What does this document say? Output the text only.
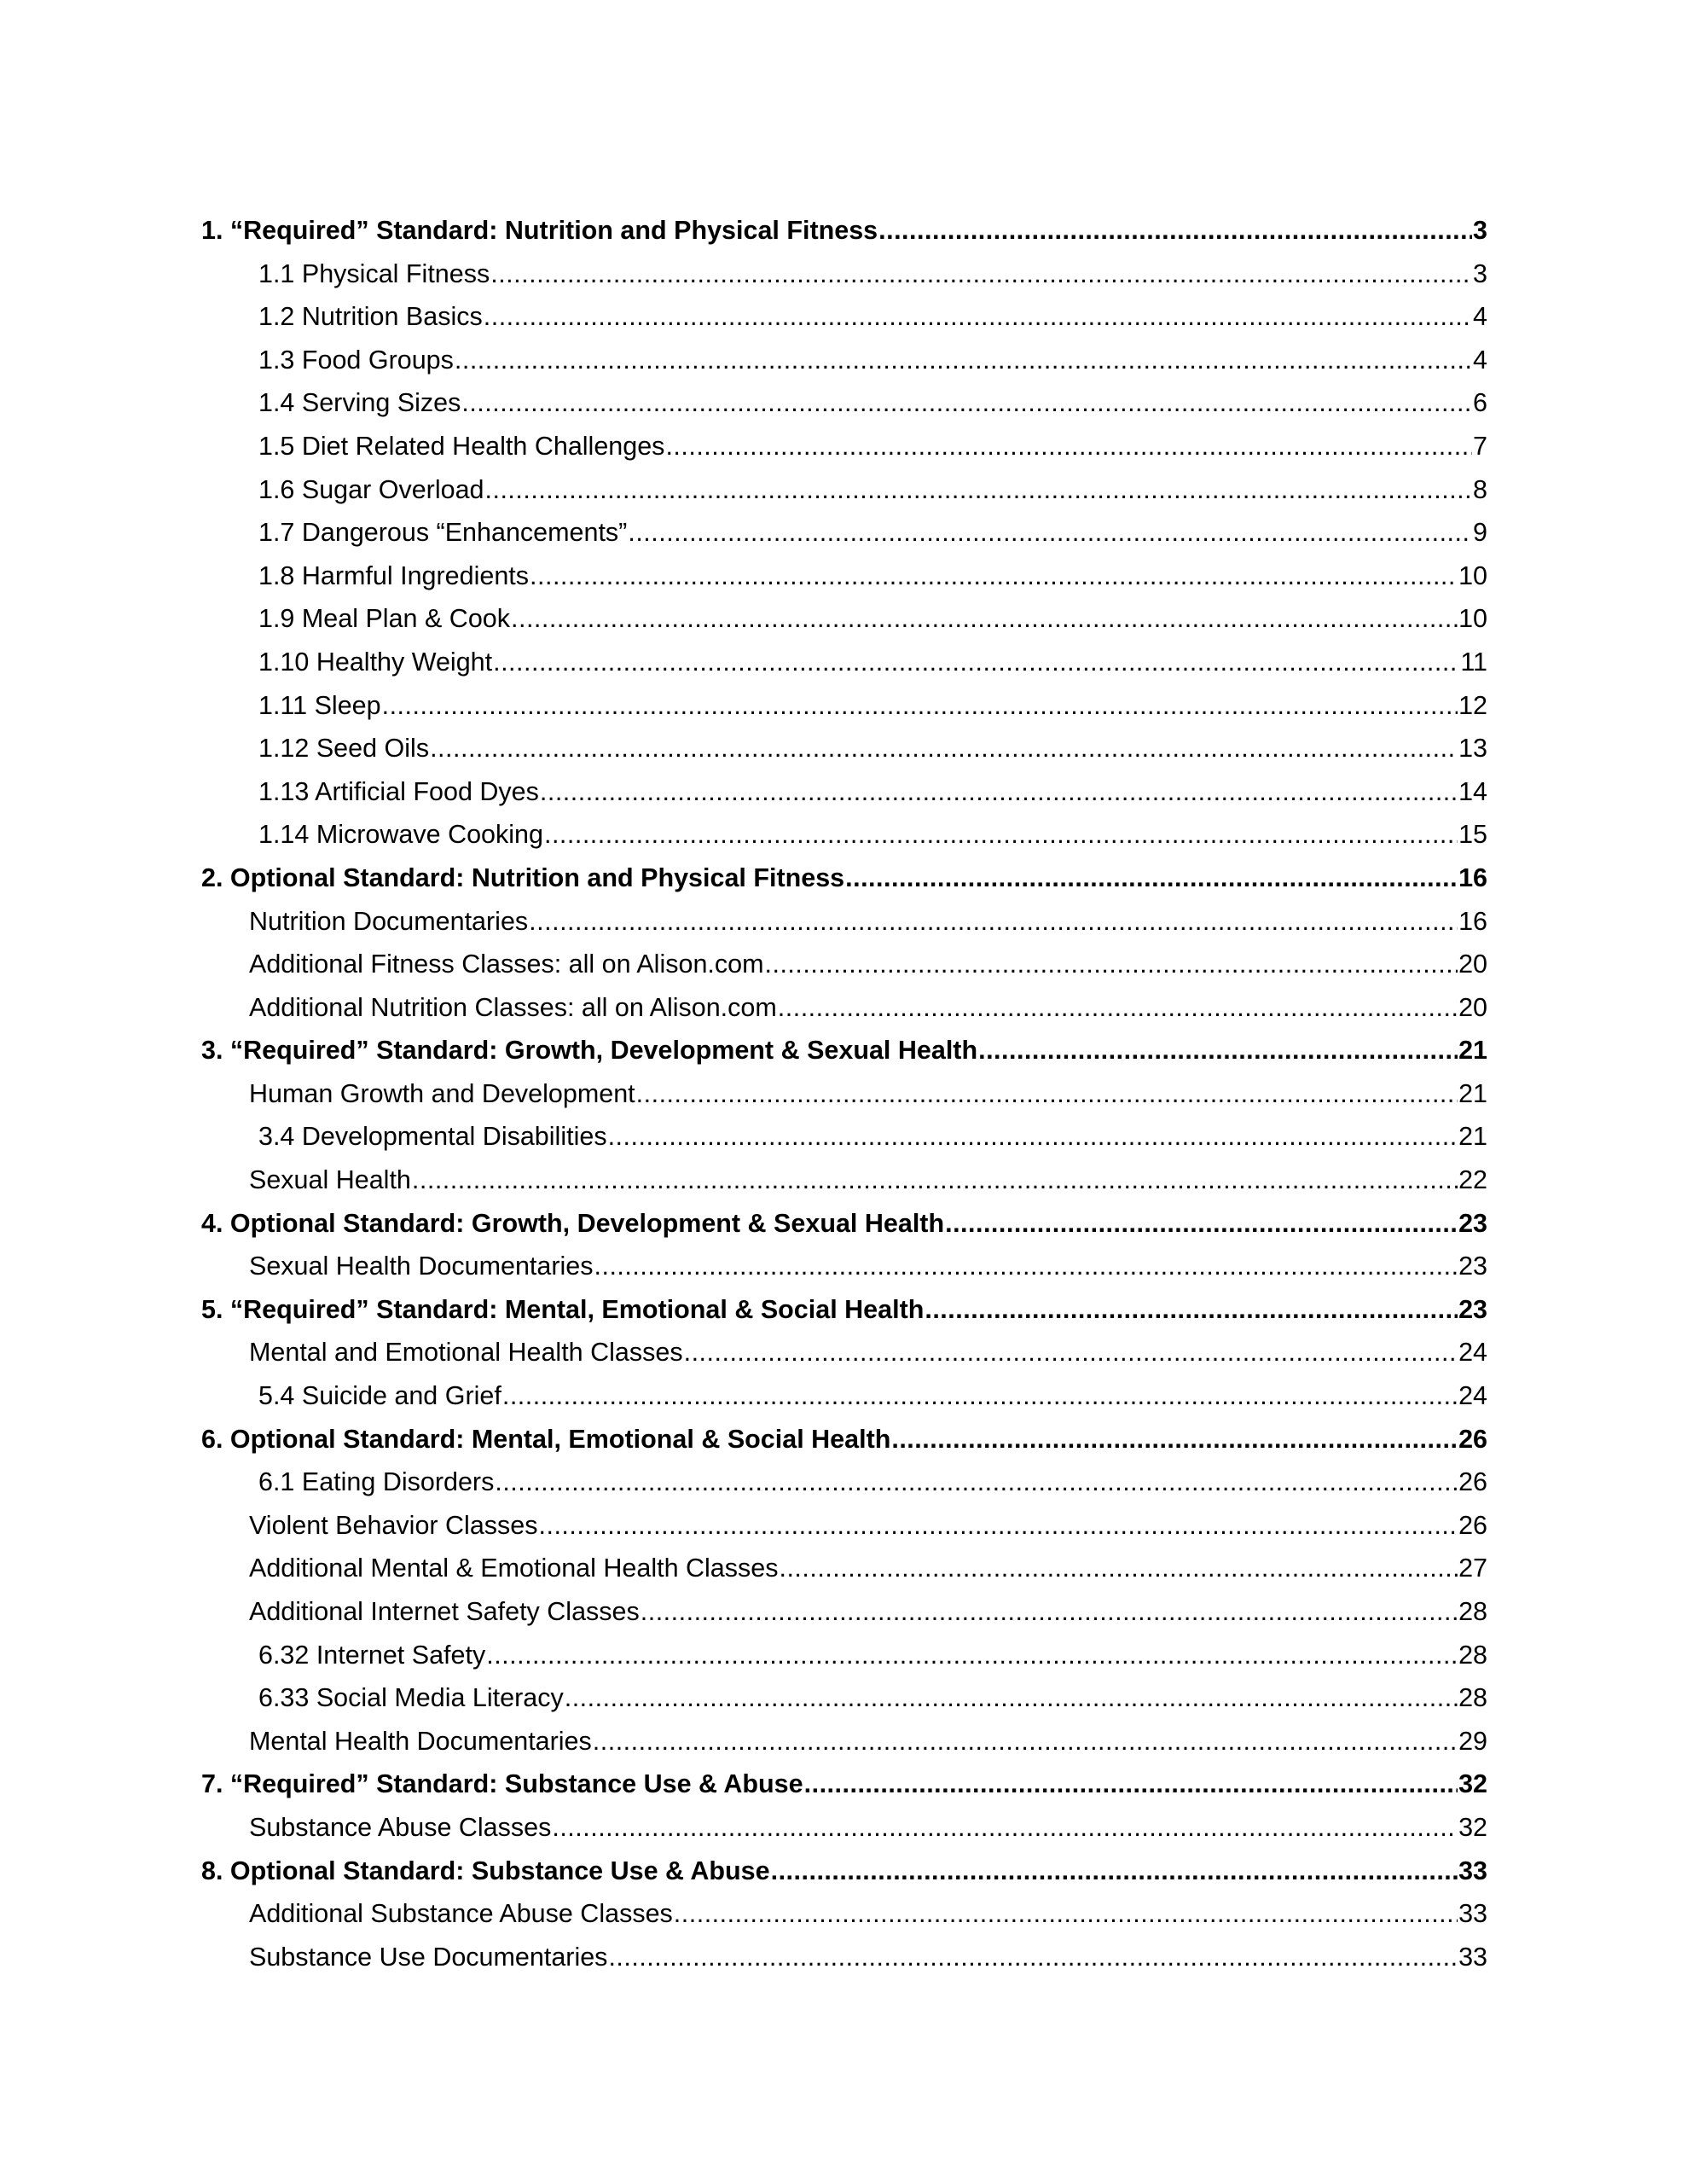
1. “Required” Standard: Nutrition and Physical Fitness .....	3
1.1 Physical Fitness .....	3
1.2 Nutrition Basics .....	4
1.3 Food Groups .....	4
1.4 Serving Sizes .....	6
1.5 Diet Related Health Challenges .....	7
1.6 Sugar Overload .....	8
1.7 Dangerous “Enhancements” .....	9
1.8 Harmful Ingredients .....	10
1.9 Meal Plan & Cook .....	10
1.10 Healthy Weight .....	11
1.11 Sleep .....	12
1.12 Seed Oils .....	13
1.13 Artificial Food Dyes .....	14
1.14 Microwave Cooking .....	15
2. Optional Standard: Nutrition and Physical Fitness .....	16
Nutrition Documentaries .....	16
Additional Fitness Classes: all on Alison.com .....	20
Additional Nutrition Classes: all on Alison.com .....	20
3. “Required” Standard: Growth, Development & Sexual Health .....	21
Human Growth and Development .....	21
3.4 Developmental Disabilities .....	21
Sexual Health .....	22
4. Optional Standard: Growth, Development & Sexual Health .....	23
Sexual Health Documentaries .....	23
5. “Required” Standard: Mental, Emotional & Social Health .....	23
Mental and Emotional Health Classes .....	24
5.4 Suicide and Grief .....	24
6. Optional Standard: Mental, Emotional & Social Health .....	26
6.1 Eating Disorders .....	26
Violent Behavior Classes .....	26
Additional Mental & Emotional Health Classes .....	27
Additional Internet Safety Classes .....	28
6.32 Internet Safety .....	28
6.33 Social Media Literacy .....	28
Mental Health Documentaries .....	29
7. “Required” Standard: Substance Use & Abuse .....	32
Substance Abuse Classes .....	32
8. Optional Standard: Substance Use & Abuse .....	33
Additional Substance Abuse Classes .....	33
Substance Use Documentaries .....	33
